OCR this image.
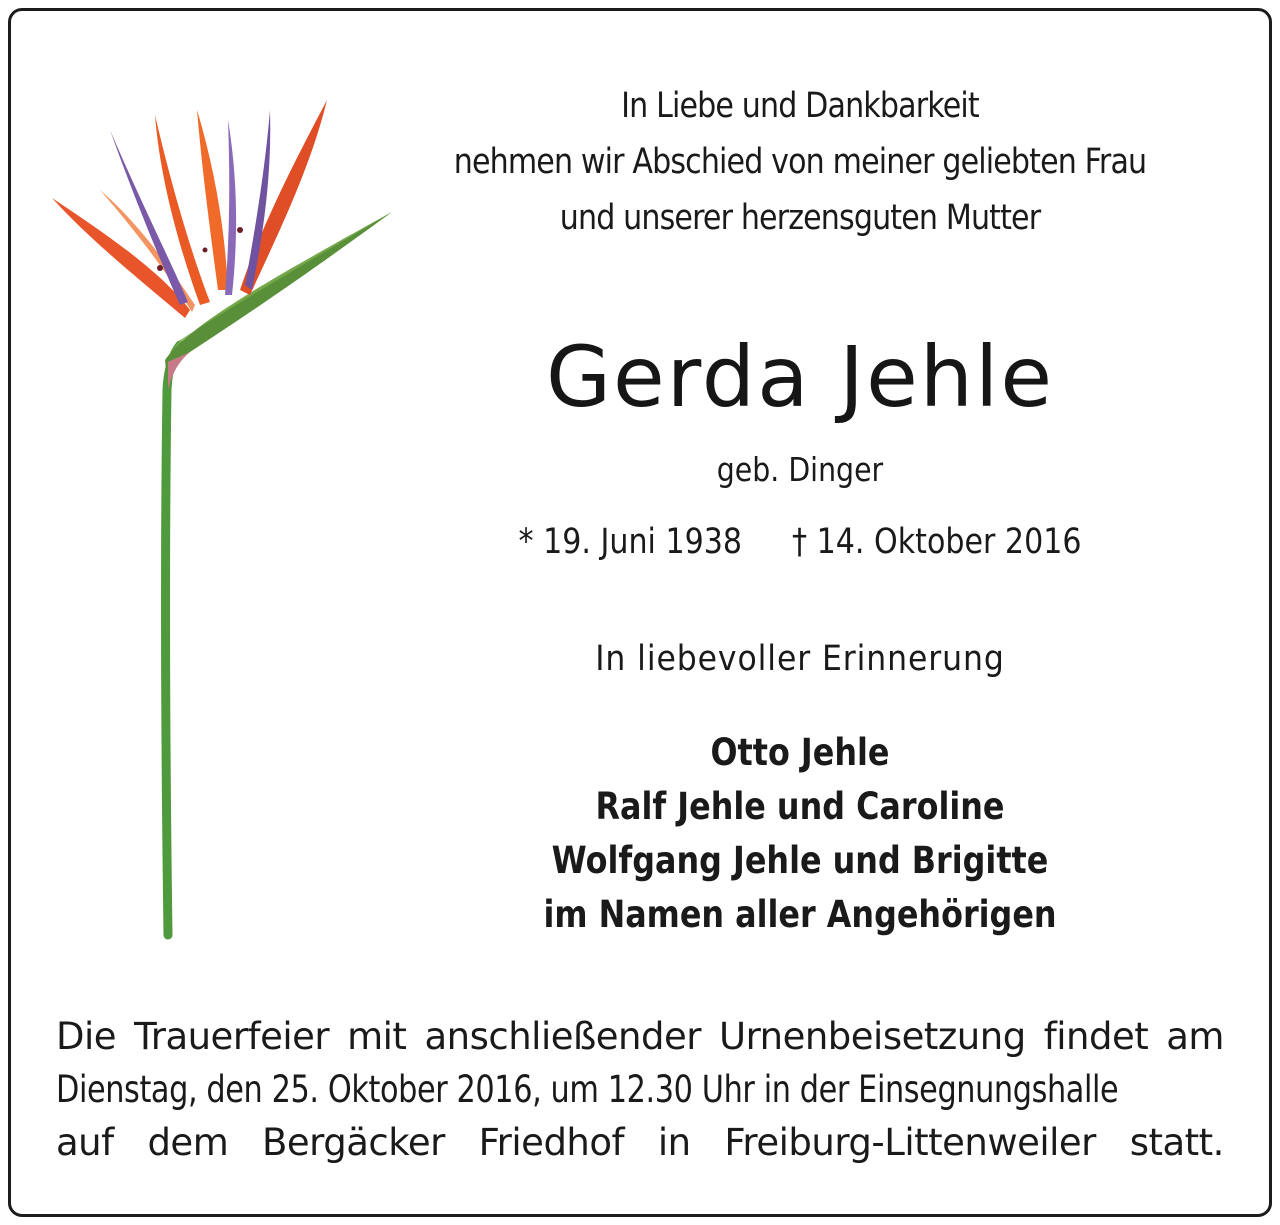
In Liebe und Dankbarkeit
nehmen wir Abschied von meiner geliebten Frau
und unserer herzensguten Mutter
Gerda Jehle
geb. Dinger
* 19. Juni 1938 † 14. Oktober 2016
In liebevoller Erinnerung
Otto Jehle
Ralf Jehle und Caroline
Wolfgang Jehle und Brigitte
im Namen aller Angehörigen
Die Trauerfeier mit anschließender Urnenbeisetzung findet am
Dienstag, den 25. Oktober 2016, um 12.30 Uhr in der Einsegnungshalle
auf dem Bergäcker Friedhof in Freiburg-Littenweiler statt.
